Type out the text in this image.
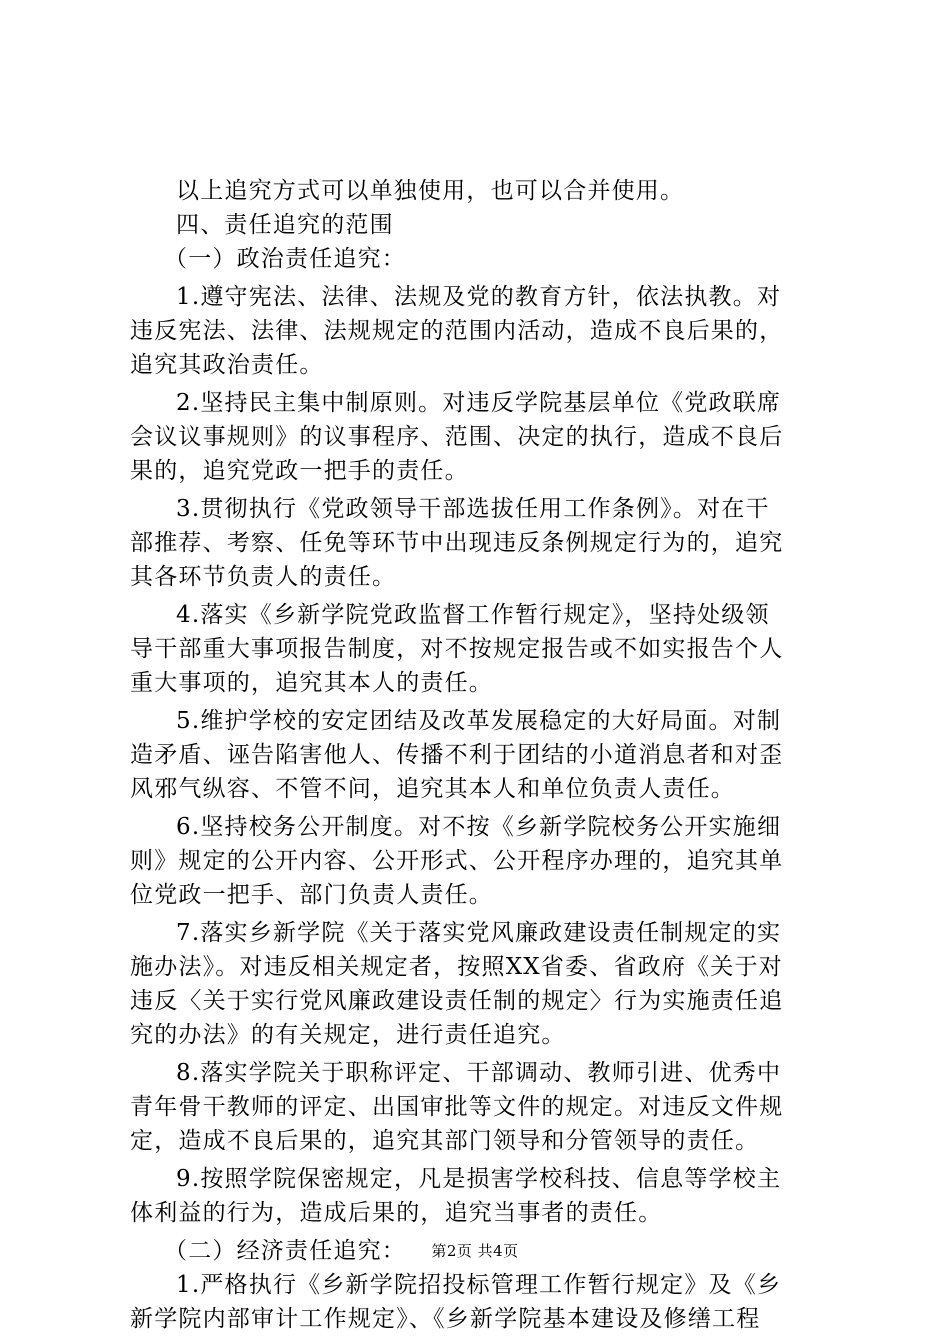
以上追究方式可以单独使用，也可以合并使用。
四、责任追究的范围
（一）政治责任追究：
1.遵守宪法、法律、法规及党的教育方针，依法执教。对
违反宪法、法律、法规规定的范围内活动，造成不良后果的，
追究其政治责任。
2.坚持民主集中制原则。对违反学院基层单位《党政联席
会议议事规则》的议事程序、范围、决定的执行，造成不良后
果的，追究党政一把手的责任。
3.贯彻执行《党政领导干部选拔任用工作条例》。对在干
部推荐、考察、任免等环节中出现违反条例规定行为的，追究
其各环节负责人的责任。
4.落实《乡新学院党政监督工作暂行规定》，坚持处级领
导干部重大事项报告制度，对不按规定报告或不如实报告个人
重大事项的，追究其本人的责任。
5.维护学校的安定团结及改革发展稳定的大好局面。对制
造矛盾、诬告陷害他人、传播不利于团结的小道消息者和对歪
风邪气纵容、不管不问，追究其本人和单位负责人责任。
6.坚持校务公开制度。对不按《乡新学院校务公开实施细
则》规定的公开内容、公开形式、公开程序办理的，追究其单
位党政一把手、部门负责人责任。
7.落实乡新学院《关于落实党风廉政建设责任制规定的实
施办法》。对违反相关规定者，按照XX省委、省政府《关于对
违反〈关于实行党风廉政建设责任制的规定〉行为实施责任追
究的办法》的有关规定，进行责任追究。
8.落实学院关于职称评定、干部调动、教师引进、优秀中
青年骨干教师的评定、出国审批等文件的规定。对违反文件规
定，造成不良后果的，追究其部门领导和分管领导的责任。
9.按照学院保密规定，凡是损害学校科技、信息等学校主
体利益的行为，造成后果的，追究当事者的责任。
（二）经济责任追究：
1.严格执行《乡新学院招投标管理工作暂行规定》及《乡
新学院内部审计工作规定》、《乡新学院基本建设及修缮工程
第2页 共4页
